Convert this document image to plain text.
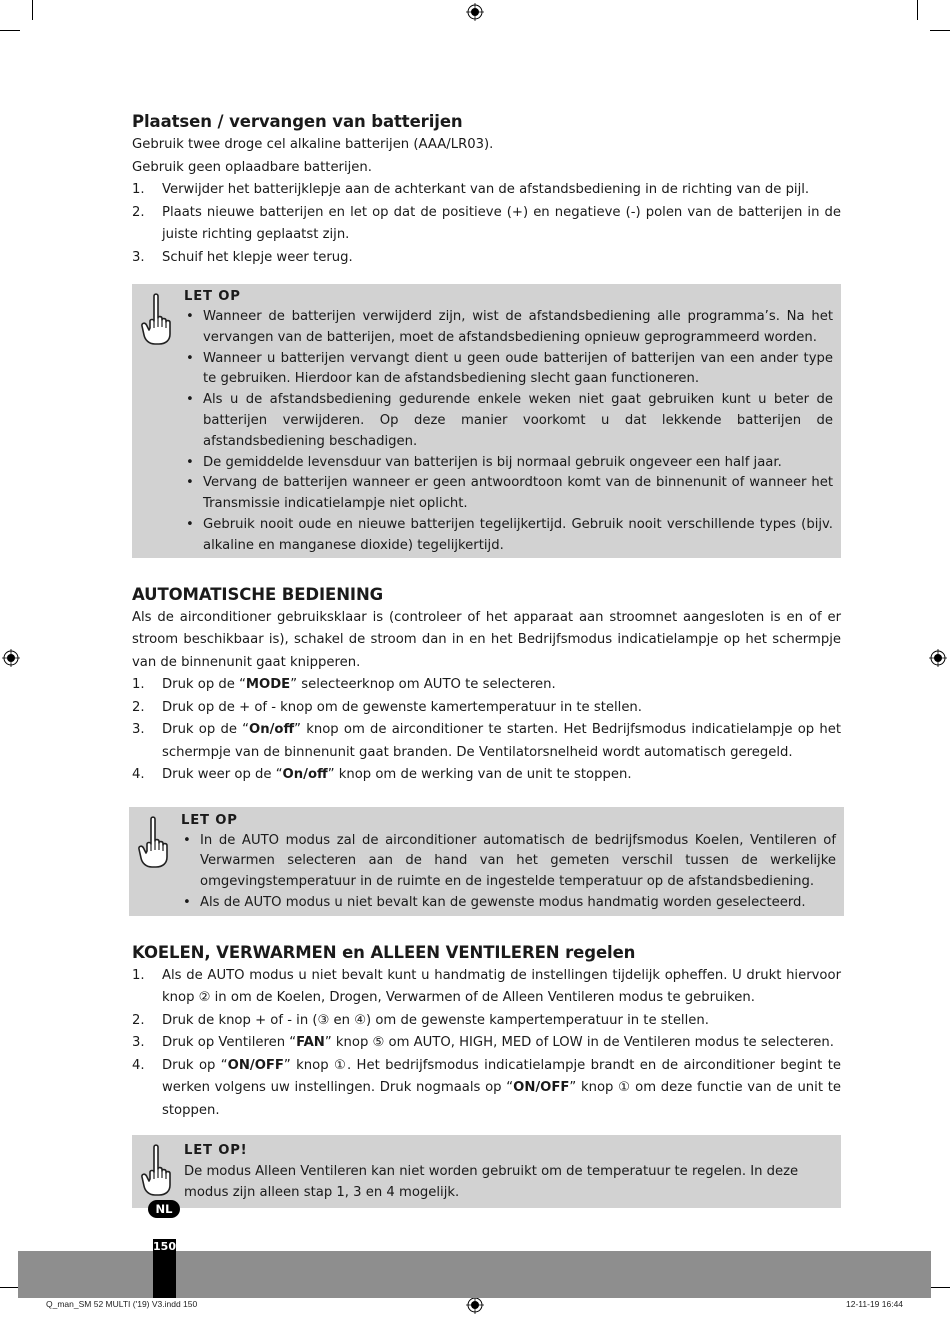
Plaatsen / vervangen van batterijen

Gebruik twee droge cel alkaline batterijen (AAA/LR03).

Gebruik geen oplaadbare batterijen.

1. Verwijder het batterijklepje aan de achterkant van de afstandsbediening in de richting van de pijl.
2. Plaats nieuwe batterijen en let op dat de positieve (+) en negatieve (-) polen van de batterijen in de juiste richting geplaatst zijn.
3. Schuif het klepje weer terug.
LET OP
• Wanneer de batterijen verwijderd zijn, wist de afstandsbediening alle programma’s. Na het vervangen van de batterijen, moet de afstandsbediening opnieuw geprogrammeerd worden.
• Wanneer u batterijen vervangt dient u geen oude batterijen of batterijen van een ander type te gebruiken. Hierdoor kan de afstandsbediening slecht gaan functioneren.
• Als u de afstandsbediening gedurende enkele weken niet gaat gebruiken kunt u beter de batterijen verwijderen. Op deze manier voorkomt u dat lekkende batterijen de afstandsbediening beschadigen.
• De gemiddelde levensduur van batterijen is bij normaal gebruik ongeveer een half jaar.
• Vervang de batterijen wanneer er geen antwoordtoon komt van de binnenunit of wanneer het Transmissie indicatielampje niet oplicht.
• Gebruik nooit oude en nieuwe batterijen tegelijkertijd. Gebruik nooit verschillende types (bijv. alkaline en manganese dioxide) tegelijkertijd.
AUTOMATISCHE BEDIENING

Als de airconditioner gebruiksklaar is (controleer of het apparaat aan stroomnet aangesloten is en of er stroom beschikbaar is), schakel de stroom dan in en het Bedrijfsmodus indicatielampje op het schermpje van de binnenunit gaat knipperen.

1. Druk op de “MODE” selecteerknop om AUTO te selecteren.
2. Druk op de + of - knop om de gewenste kamertemperatuur in te stellen.
3. Druk op de “On/off” knop om de airconditioner te starten. Het Bedrijfsmodus indicatielampje op het schermpje van de binnenunit gaat branden. De Ventilatorsnelheid wordt automatisch geregeld.
4. Druk weer op de “On/off” knop om de werking van de unit te stoppen.
LET OP
• In de AUTO modus zal de airconditioner automatisch de bedrijfsmodus Koelen, Ventileren of Verwarmen selecteren aan de hand van het gemeten verschil tussen de werkelijke omgevingstemperatuur in de ruimte en de ingestelde temperatuur op de afstandsbediening.
• Als de AUTO modus u niet bevalt kan de gewenste modus handmatig worden geselecteerd.
KOELEN, VERWARMEN en ALLEEN VENTILEREN regelen
1. Als de AUTO modus u niet bevalt kunt u handmatig de instellingen tijdelijk opheffen. U drukt hiervoor knop ② in om de Koelen, Drogen, Verwarmen of de Alleen Ventileren modus te gebruiken.
2. Druk de knop + of - in (③ en ④) om de gewenste kampertemperatuur in te stellen.
3. Druk op Ventileren “FAN” knop ⑤ om AUTO, HIGH, MED of LOW in de Ventileren modus te selecteren.
4. Druk op “ON/OFF” knop ①. Het bedrijfsmodus indicatielampje brandt en de airconditioner begint te werken volgens uw instellingen. Druk nogmaals op “ON/OFF” knop ① om deze functie van de unit te stoppen.
LET OP!

De modus Alleen Ventileren kan niet worden gebruikt om de temperatuur te regelen. In deze modus zijn alleen stap 1, 3 en 4 mogelijk.

NL
150
Q_man_SM 52 MULTI ('19) V3.indd 150	12-11-19 16:44
